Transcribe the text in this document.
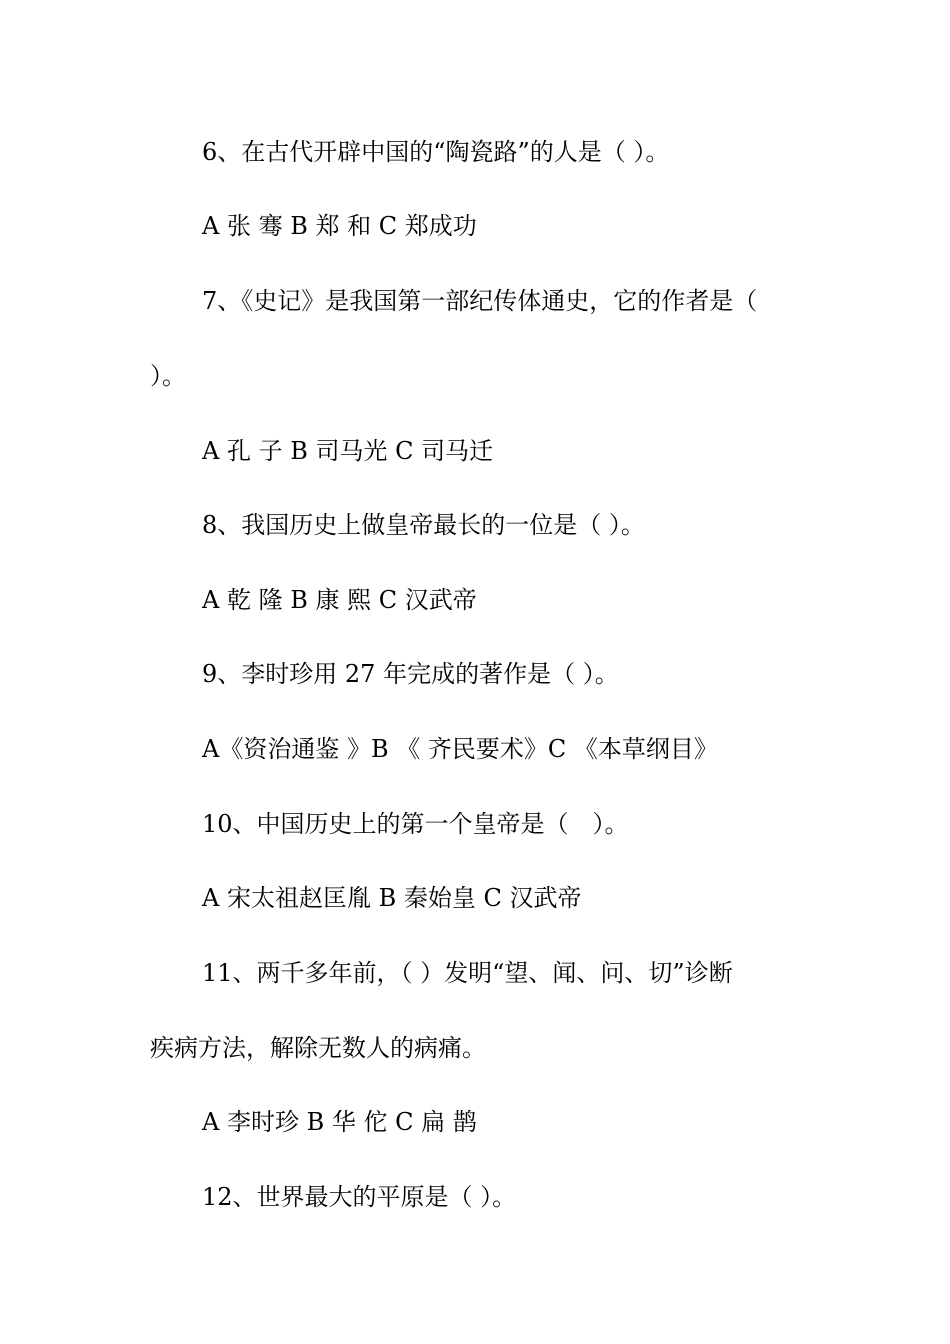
6、在古代开辟中国的“陶瓷路”的人是（ ）。
A 张 骞 B 郑 和 C 郑成功
7、《史记》是我国第一部纪传体通史，它的作者是（
）。
A 孔 子 B 司马光 C 司马迁
8、我国历史上做皇帝最长的一位是（ ）。
A 乾 隆 B 康 熙 C 汉武帝
9、李时珍用 27 年完成的著作是（ ）。
A《资治通鉴 》B 《 齐民要术》C 《本草纲目》
10、中国历史上的第一个皇帝是（　）。
A 宋太祖赵匡胤 B 秦始皇 C 汉武帝
11、两千多年前，（ ）发明“望、闻、问、切”诊断
疾病方法，解除无数人的病痛。
A 李时珍 B 华 佗 C 扁 鹊
12、世界最大的平原是（ ）。
